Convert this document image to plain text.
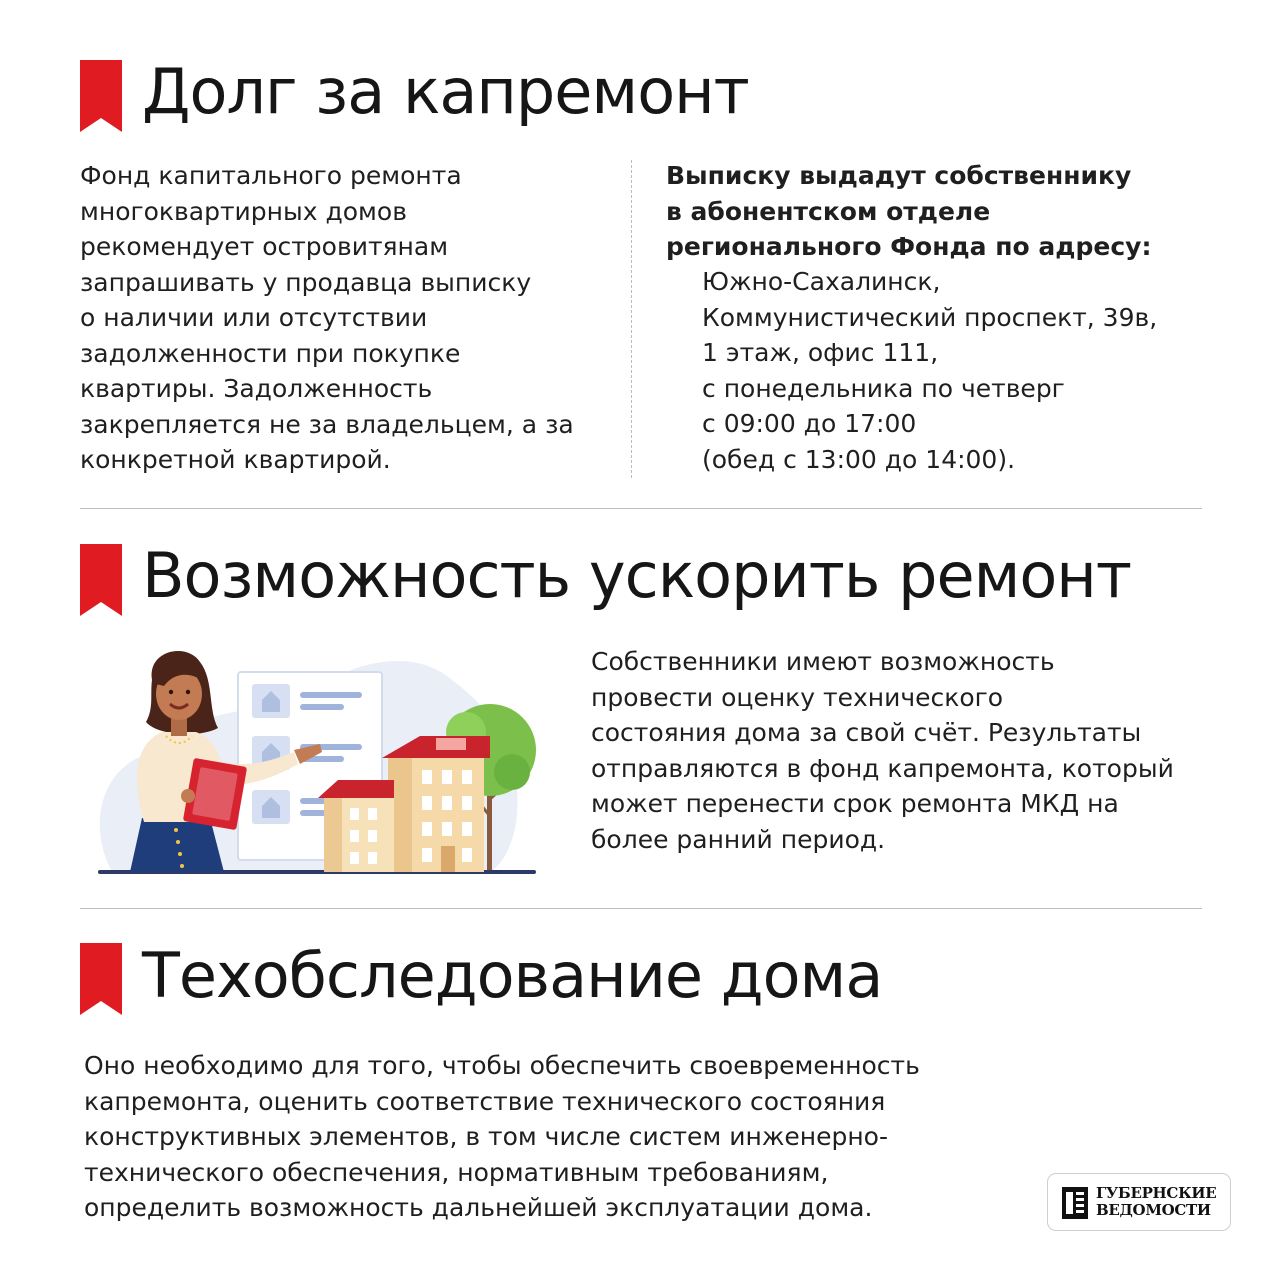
Долг за капремонт
Фонд капитального ремонта
многоквартирных домов
рекомендует островитянам
запрашивать у продавца выписку
о наличии или отсутствии
задолженности при покупке
квартиры. Задолженность
закрепляется не за владельцем, а за
конкретной квартирой.
Выписку выдадут собственнику
в абонентском отделе
регионального Фонда по адресу:
Южно-Сахалинск,
Коммунистический проспект, 39в,
1 этаж, офис 111,
с понедельника по четверг
с 09:00 до 17:00
(обед с 13:00 до 14:00).
Возможность ускорить ремонт
Собственники имеют возможность
провести оценку технического
состояния дома за свой счёт. Результаты
отправляются в фонд капремонта, который
может перенести срок ремонта МКД на
более ранний период.
Техобследование дома
Оно необходимо для того, чтобы обеспечить своевременность
капремонта, оценить соответствие технического состояния
конструктивных элементов, в том числе систем инженерно-
технического обеспечения, нормативным требованиям,
определить возможность дальнейшей эксплуатации дома.	ГУБЕРНСКИЕ
ВЕДОМОСТИ
